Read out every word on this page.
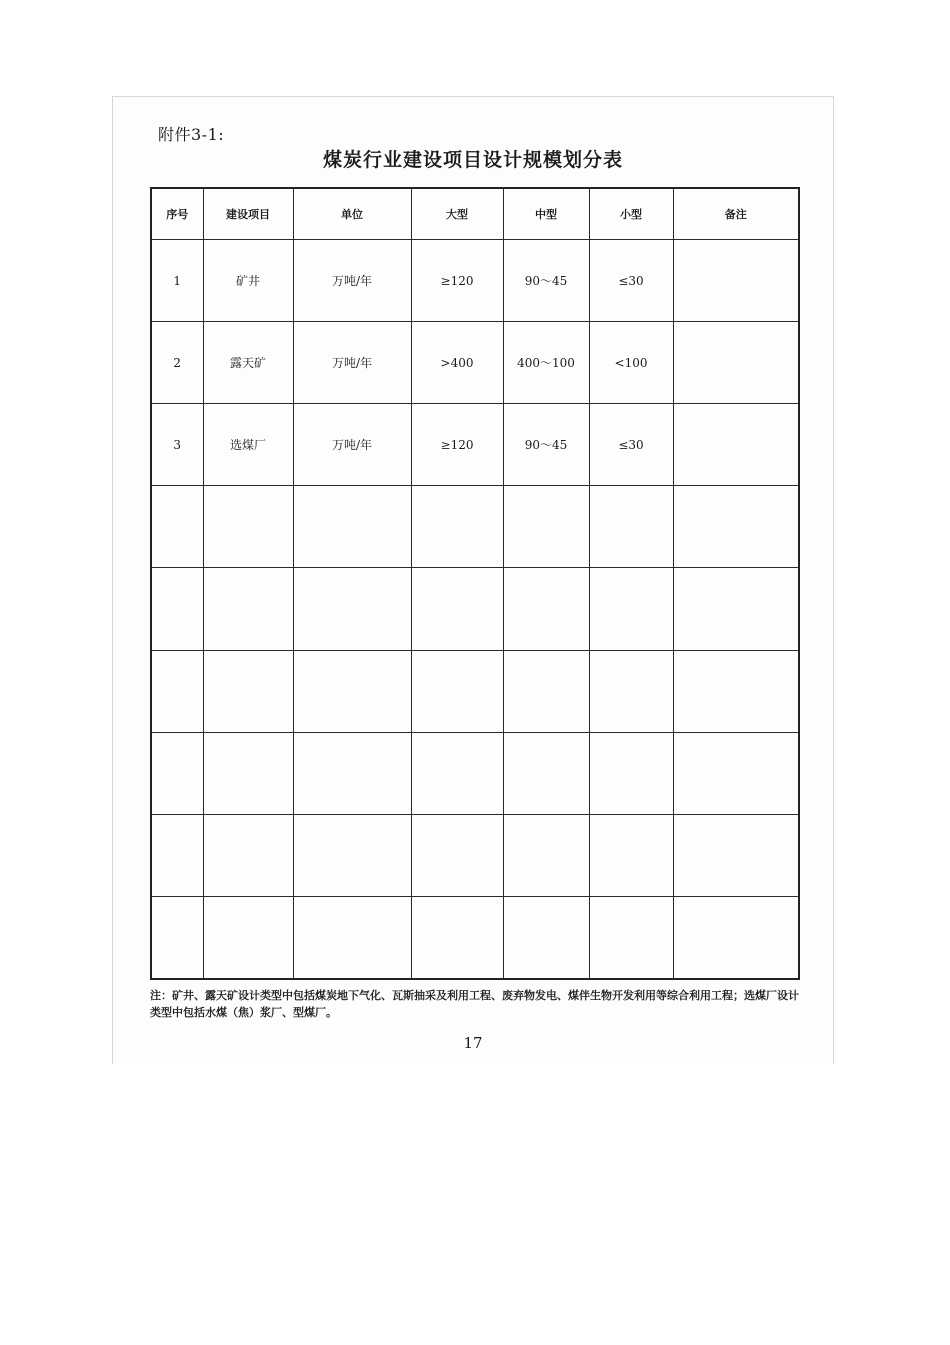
附件3-1:
煤炭行业建设项目设计规模划分表
序号	建设项目	单位	大型	中型	小型	备注
1	矿井	万吨/年	≥120	90～45	≤30	
2	露天矿	万吨/年	>400	400～100	<100	
3	选煤厂	万吨/年	≥120	90～45	≤30	

注：矿井、露天矿设计类型中包括煤炭地下气化、瓦斯抽采及利用工程、废弃物发电、煤伴生物开发利用等综合利用工程；选煤厂设计类型中包括水煤（焦）浆厂、型煤厂。
17
